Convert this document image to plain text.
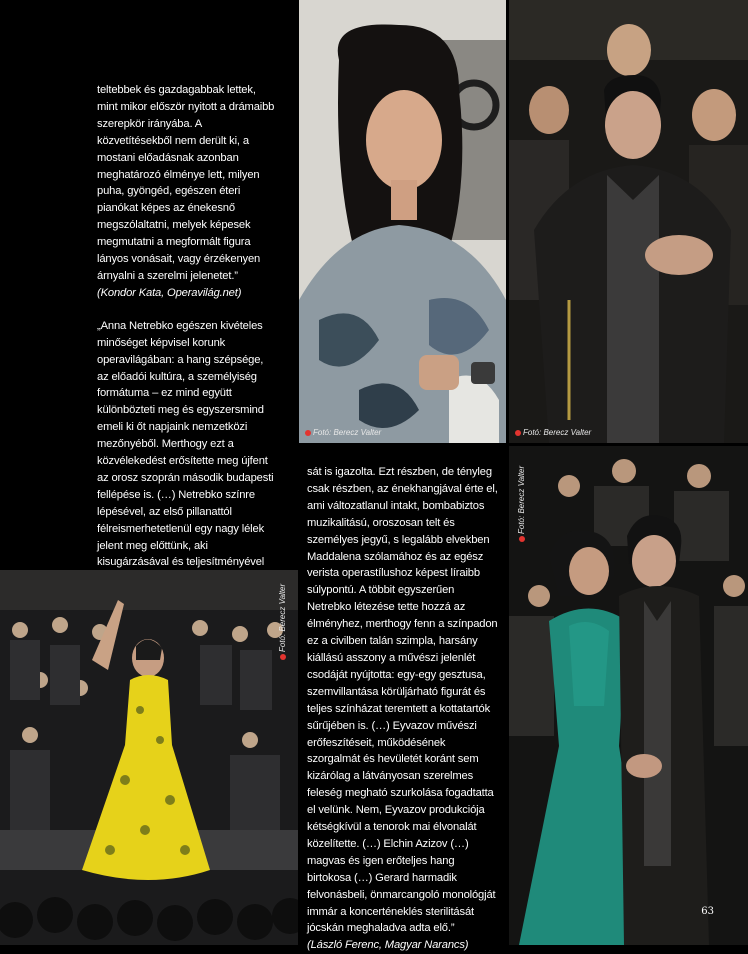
teltebbek és gazdagabbak lettek, mint mikor először nyitott a drámaibb szerepkör irányába. A közvetítésekből nem derült ki, a mostani előadásnak azonban meghatározó élménye lett, milyen puha, gyöngéd, egészen éteri pianókat képes az énekesnő megszólaltatni, melyek képesek megmutatni a megformált figura lányos vonásait, vagy érzékenyen árnyalni a szerelmi jelenetet.”

(Kondor Kata, Operavilág.net)

„Anna Netrebko egészen kivételes minőséget képvisel korunk operavilágában: a hang szépsége, az előadói kultúra, a személyiség formátuma – ez mind együtt különbözteti meg és egyszersmind emeli ki őt napjaink nemzetközi mezőnyéből. Merthogy ezt a közvélekedést erősítette meg újfent az orosz szoprán második budapesti fellépése is. (…) Netrebko színre lépésével, az első pillanattól félreismerhetetlenül egy nagy lélek jelent meg előttünk, aki kisugárzásával és teljesítményével

sát is igazolta. Ezt részben, de tényleg csak részben, az énekhangjával érte el, ami változatlanul intakt, bombabiztos muzikalitású, oroszosan telt és személyes jegyű, s legalább elvekben Maddalena szólamához és az egész verista operastílushoz képest líraibb súlypontú. A többit egyszerűen Netrebko létezése tette hozzá az élményhez, merthogy fenn a színpadon ez a civilben talán szimpla, harsány kiállású asszony a művészi jelenlét csodáját nyújtotta: egy-egy gesztusa, szemvillantása körüljárható figurát és teljes színházat teremtett a kottatartók sűrűjében is. (…) Eyvazov művészi erőfeszítéseit, működésének szorgalmát és hevületét koránt sem kizárólag a látványosan szerelmes feleség megható szurkolása fogadtatta el velünk. Nem, Eyvazov produkciója kétségkívül a tenorok mai élvonalát közelítette. (…) Elchin Azizov (…) magvas és igen erőteljes hang birtokosa (…) Gerard harmadik felvonásbeli, önmarcangoló monológját immár a koncerténeklés sterilitását jócskán meghaladva adta elő.”

(László Ferenc, Magyar Narancs)

Fotó: Berecz Valter	Fotó: Berecz Valter
Fotó: Berecz Valter
Fotó: Berecz Valter
63
